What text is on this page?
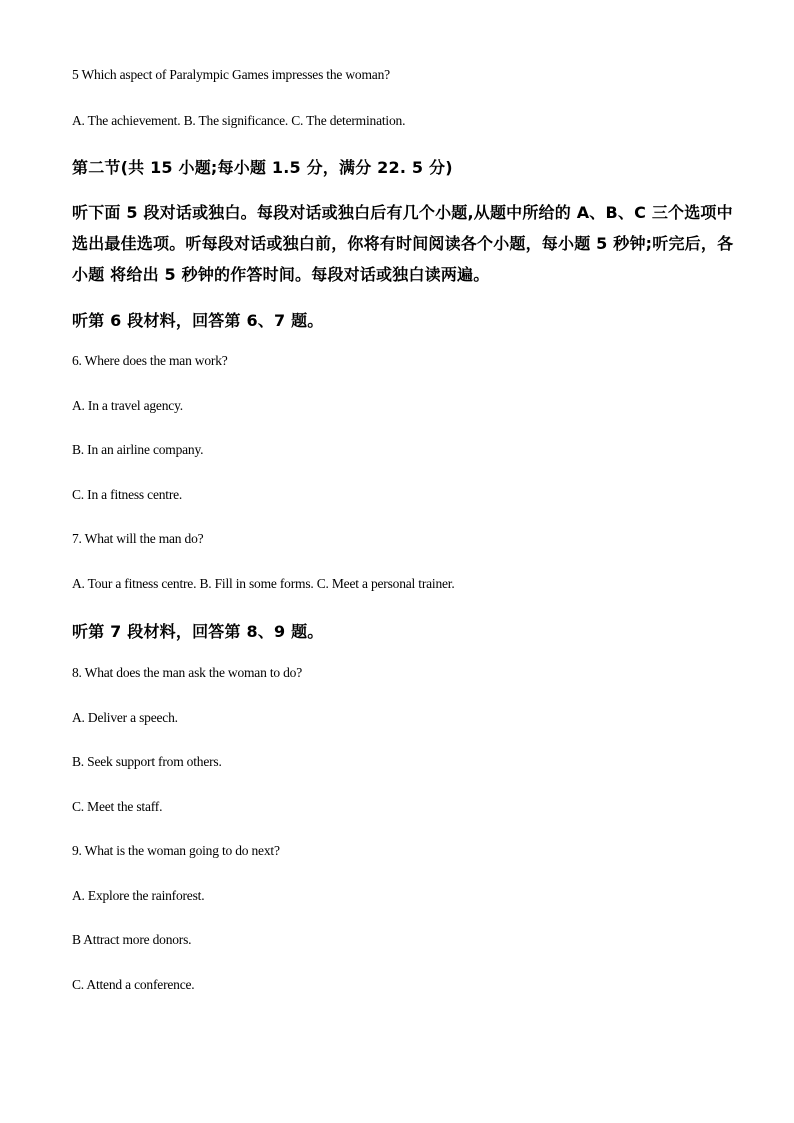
5 Which aspect of Paralympic Games impresses the woman?
A. The achievement. B. The significance. C. The determination.
第二节(共 15 小题;每小题 1.5 分，满分 22. 5 分)
听下面 5 段对话或独白。每段对话或独白后有几个小题,从题中所给的 A、B、C 三个选项中
选出最佳选项。听每段对话或独白前，你将有时间阅读各个小题，每小题 5 秒钟;听完后，各
小题 将给出 5 秒钟的作答时间。每段对话或独白读两遍。
听第 6 段材料，回答第 6、7 题。
6. Where does the man work?
A. In a travel agency.
B. In an airline company.
C. In a fitness centre.
7. What will the man do?
A. Tour a fitness centre. B. Fill in some forms. C. Meet a personal trainer.
听第 7 段材料，回答第 8、9 题。
8. What does the man ask the woman to do?
A. Deliver a speech.
B. Seek support from others.
C. Meet the staff.
9. What is the woman going to do next?
A. Explore the rainforest.
B Attract more donors.
C. Attend a conference.
